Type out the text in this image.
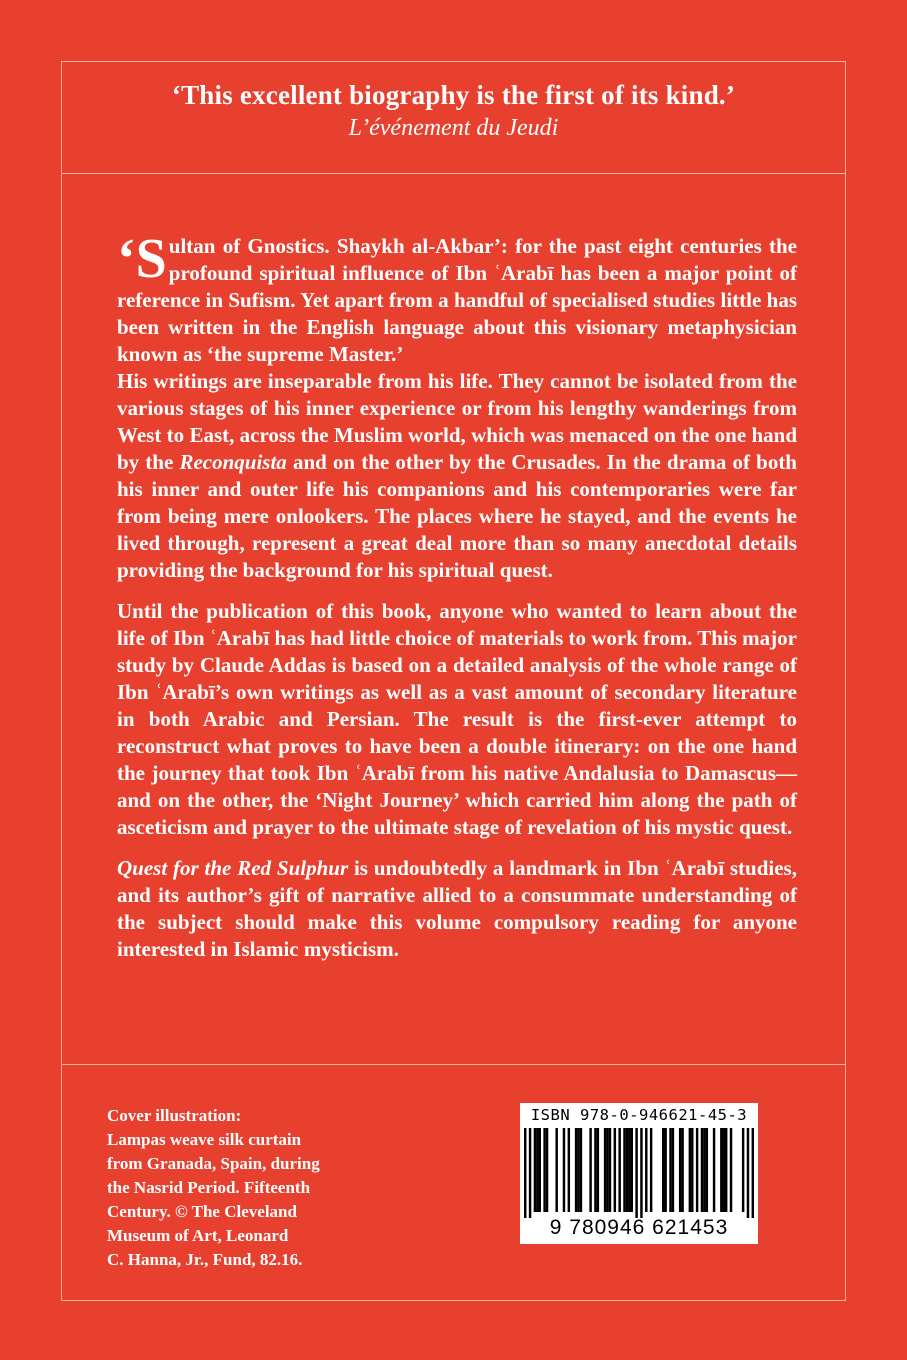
‘This excellent biography is the first of its kind.’
L’événement du Jeudi

‘Sultan of Gnostics. Shaykh al-Akbar’: for the past eight centuries the profound spiritual influence of Ibn ʿArabī has been a major point of reference in Sufism. Yet apart from a handful of specialised studies little has been written in the English language about this visionary metaphysician known as ‘the supreme Master.’

His writings are inseparable from his life. They cannot be isolated from the various stages of his inner experience or from his lengthy wanderings from West to East, across the Muslim world, which was menaced on the one hand by the Reconquista and on the other by the Crusades. In the drama of both his inner and outer life his companions and his contemporaries were far from being mere onlookers. The places where he stayed, and the events he lived through, represent a great deal more than so many anecdotal details providing the background for his spiritual quest.

Until the publication of this book, anyone who wanted to learn about the life of Ibn ʿArabī has had little choice of materials to work from. This major study by Claude Addas is based on a detailed analysis of the whole range of Ibn ʿArabī’s own writings as well as a vast amount of secondary literature in both Arabic and Persian. The result is the first-ever attempt to reconstruct what proves to have been a double itinerary: on the one hand the journey that took Ibn ʿArabī from his native Andalusia to Damascus—and on the other, the ‘Night Journey’ which carried him along the path of asceticism and prayer to the ultimate stage of revelation of his mystic quest.

Quest for the Red Sulphur is undoubtedly a landmark in Ibn ʿArabī studies, and its author’s gift of narrative allied to a consummate understanding of the subject should make this volume compulsory reading for anyone interested in Islamic mysticism.

Cover illustration:
Lampas weave silk curtain
from Granada, Spain, during
the Nasrid Period. Fifteenth
Century. © The Cleveland
Museum of Art, Leonard
C. Hanna, Jr., Fund, 82.16.
ISBN 978-0-946621-45-3
9 780946 621453
